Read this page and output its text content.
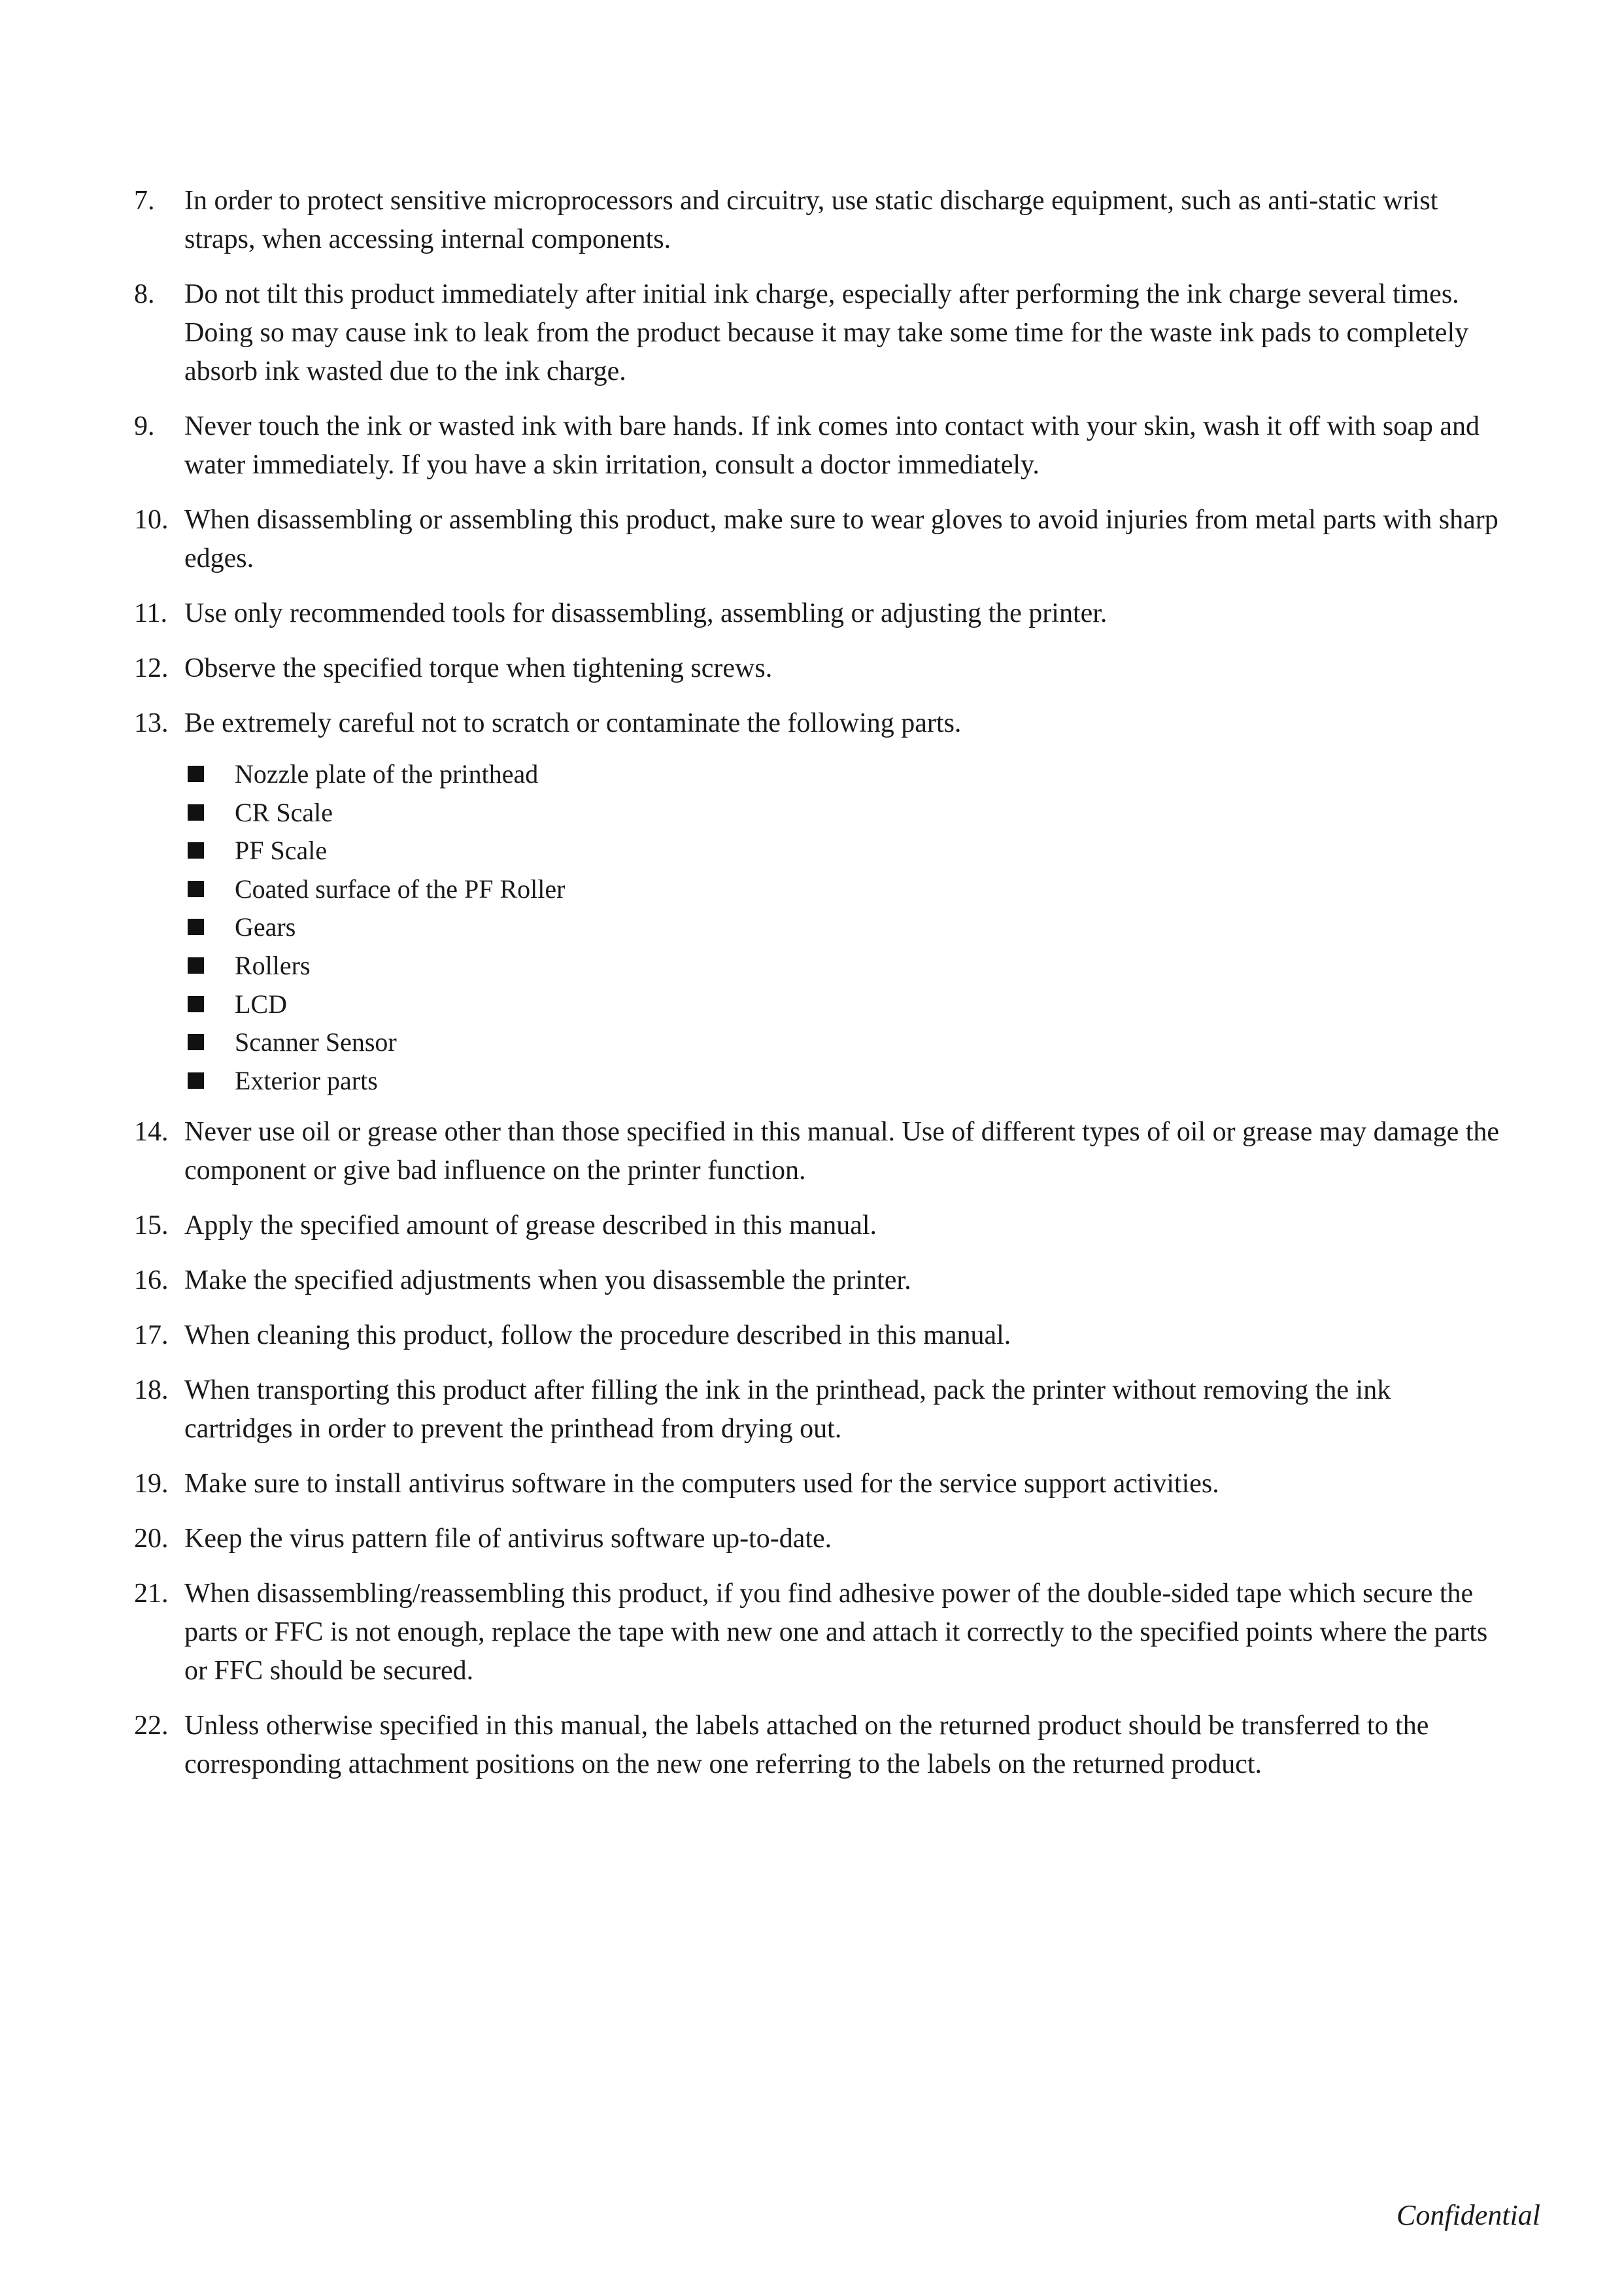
7.	In order to protect sensitive microprocessors and circuitry, use static discharge equipment, such as anti-static wrist straps, when accessing internal components.
8.	Do not tilt this product immediately after initial ink charge, especially after performing the ink charge several times. Doing so may cause ink to leak from the product because it may take some time for the waste ink pads to completely absorb ink wasted due to the ink charge.
9.	Never touch the ink or wasted ink with bare hands. If ink comes into contact with your skin, wash it off with soap and water immediately. If you have a skin irritation, consult a doctor immediately.
10. When disassembling or assembling this product, make sure to wear gloves to avoid injuries from metal parts with sharp edges.
11. Use only recommended tools for disassembling, assembling or adjusting the printer.
12. Observe the specified torque when tightening screws.
13. Be extremely careful not to scratch or contaminate the following parts.
Nozzle plate of the printhead
CR Scale
PF Scale
Coated surface of the PF Roller
Gears
Rollers
LCD
Scanner Sensor
Exterior parts
14. Never use oil or grease other than those specified in this manual. Use of different types of oil or grease may damage the component or give bad influence on the printer function.
15. Apply the specified amount of grease described in this manual.
16. Make the specified adjustments when you disassemble the printer.
17. When cleaning this product, follow the procedure described in this manual.
18. When transporting this product after filling the ink in the printhead, pack the printer without removing the ink cartridges in order to prevent the printhead from drying out.
19. Make sure to install antivirus software in the computers used for the service support activities.
20. Keep the virus pattern file of antivirus software up-to-date.
21. When disassembling/reassembling this product, if you find adhesive power of the double-sided tape which secure the parts or FFC is not enough, replace the tape with new one and attach it correctly to the specified points where the parts or FFC should be secured.
22. Unless otherwise specified in this manual, the labels attached on the returned product should be transferred to the corresponding attachment positions on the new one referring to the labels on the returned product.
Confidential
